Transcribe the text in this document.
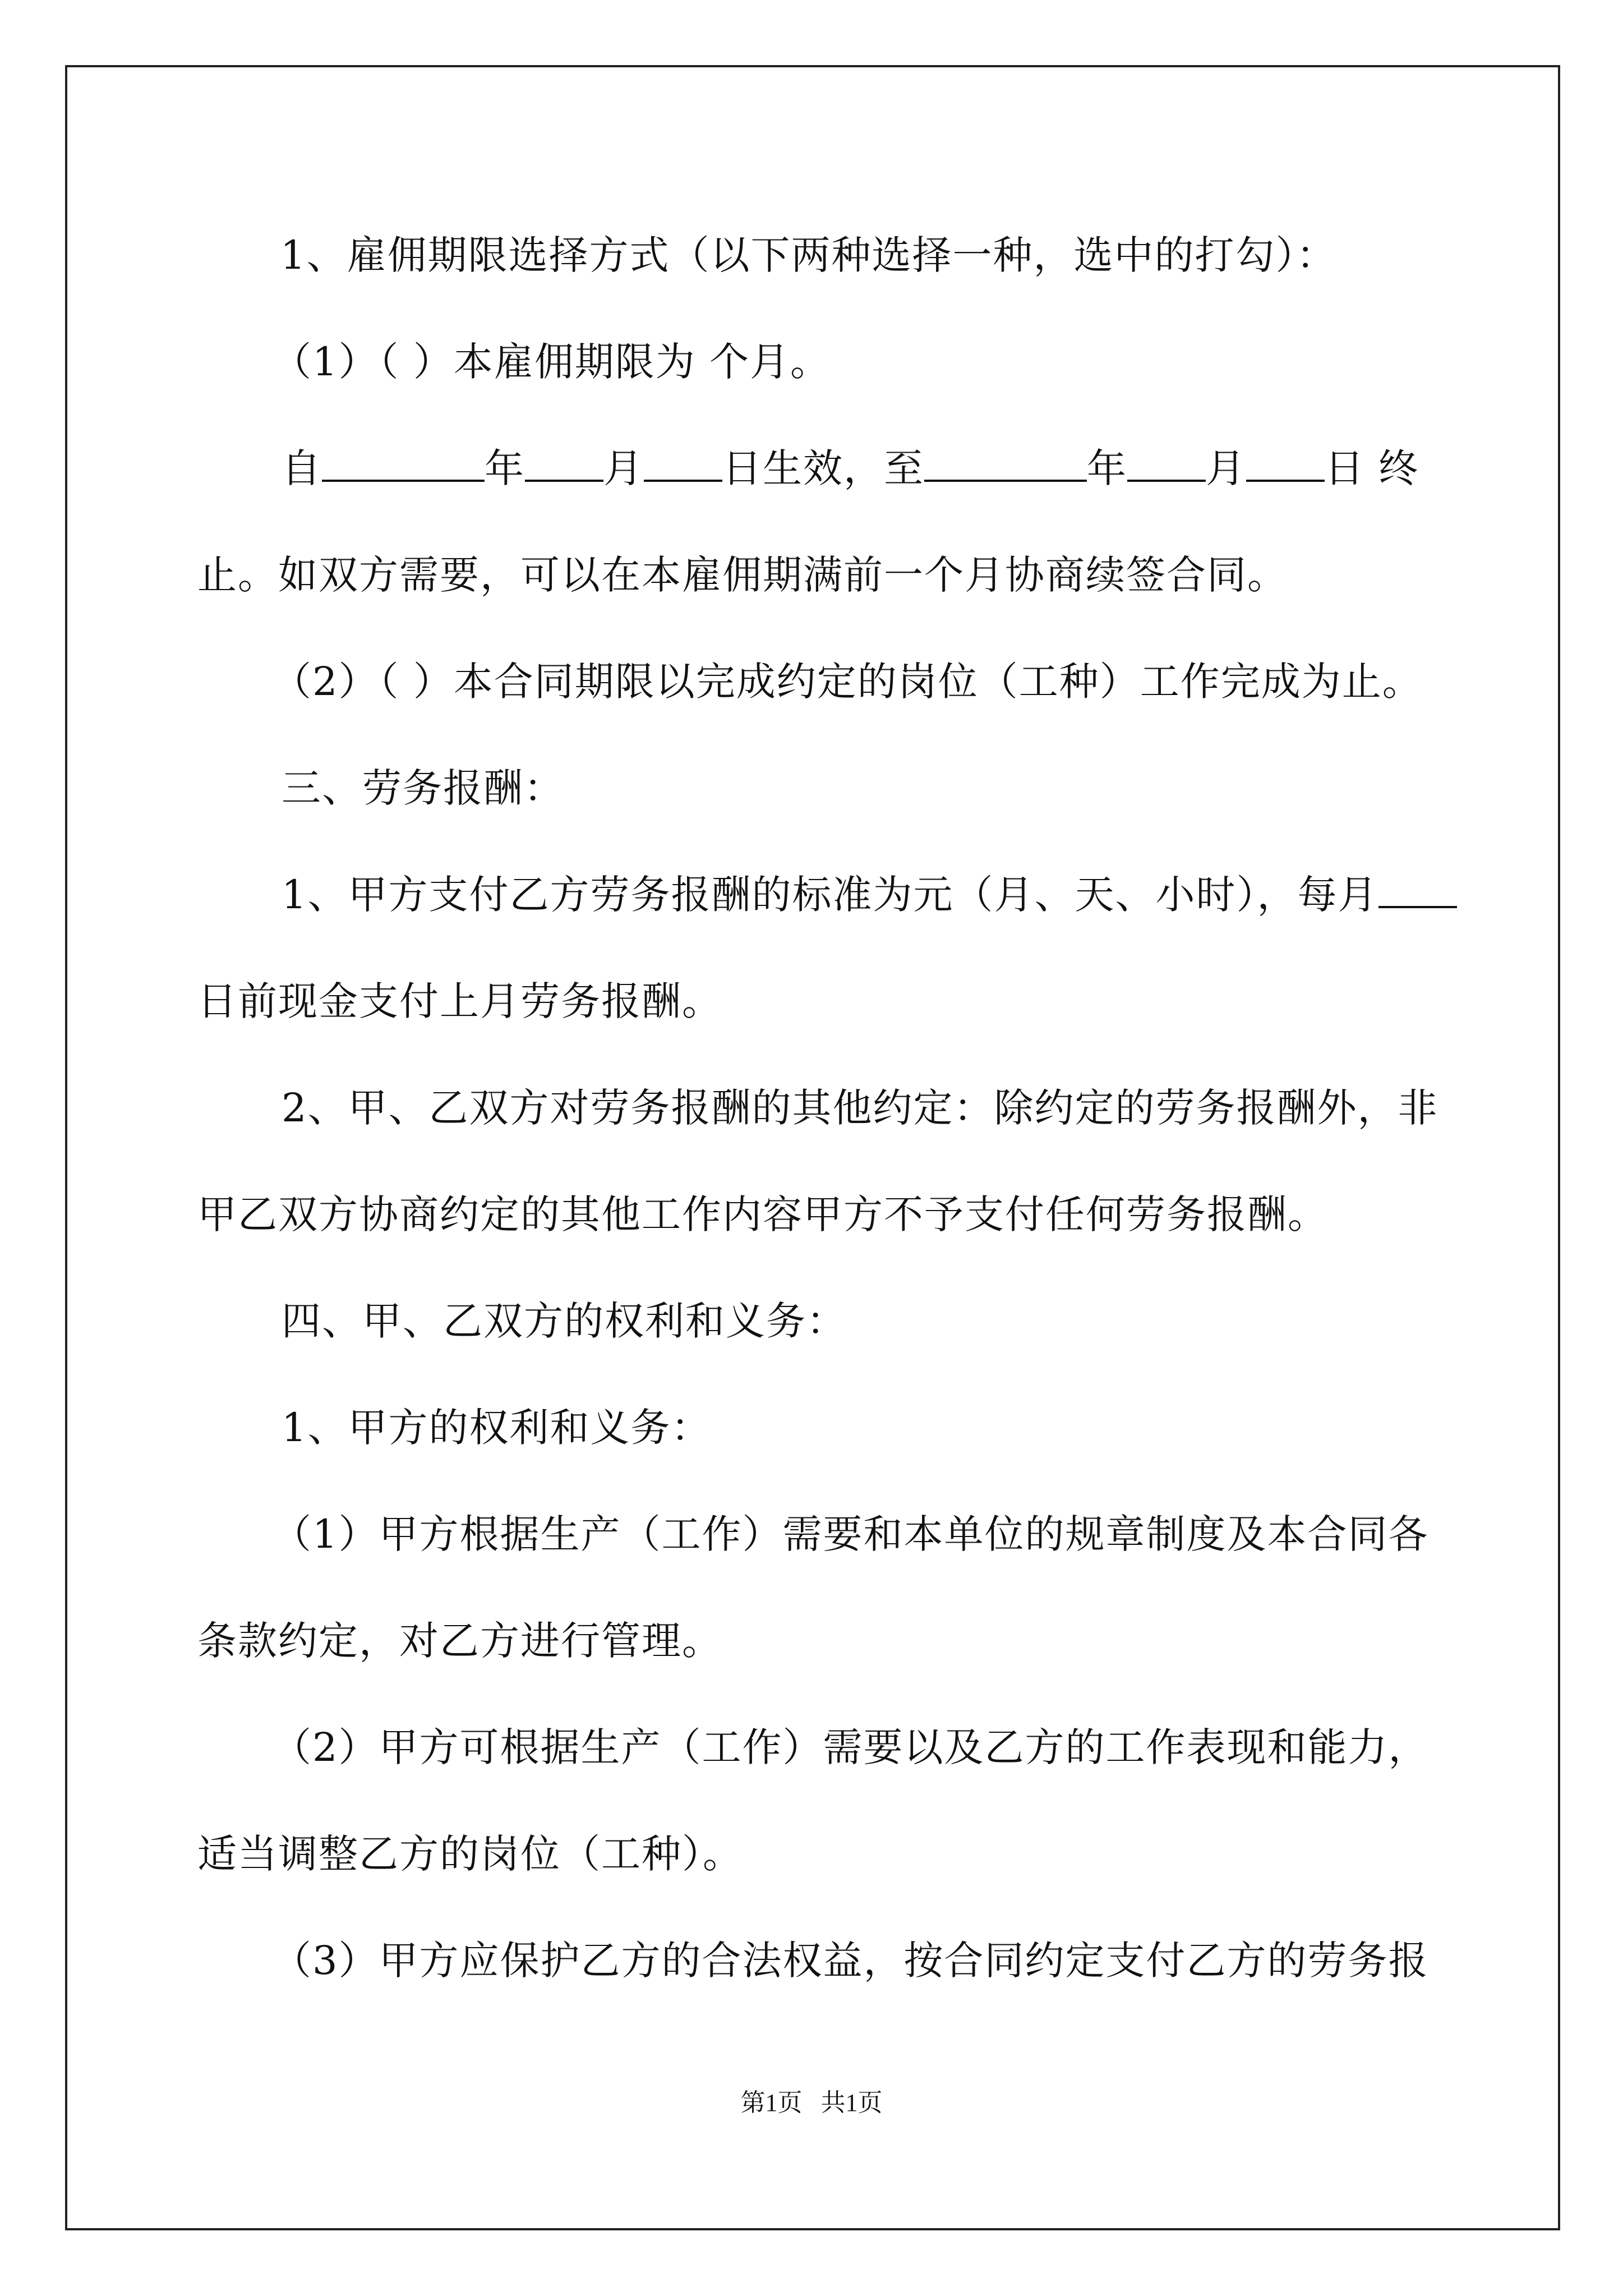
1、雇佣期限选择方式（以下两种选择一种，选中的打勾）：
（1）（ ）本雇佣期限为 个月。
自	年 月 日生效，至	年 月 日 终
止。如双方需要，可以在本雇佣期满前一个月协商续签合同。
（2）（ ）本合同期限以完成约定的岗位（工种）工作完成为止。
三、劳务报酬：
1、甲方支付乙方劳务报酬的标准为元（月、天、小时），每月
日前现金支付上月劳务报酬。
2、甲、乙双方对劳务报酬的其他约定：除约定的劳务报酬外，非
甲乙双方协商约定的其他工作内容甲方不予支付任何劳务报酬。
四、甲、乙双方的权利和义务：
1、甲方的权利和义务：
（1）甲方根据生产（工作）需要和本单位的规章制度及本合同各
条款约定，对乙方进行管理。
（2）甲方可根据生产（工作）需要以及乙方的工作表现和能力，
适当调整乙方的岗位（工种）。
（3）甲方应保护乙方的合法权益，按合同约定支付乙方的劳务报
第1页 共1页
